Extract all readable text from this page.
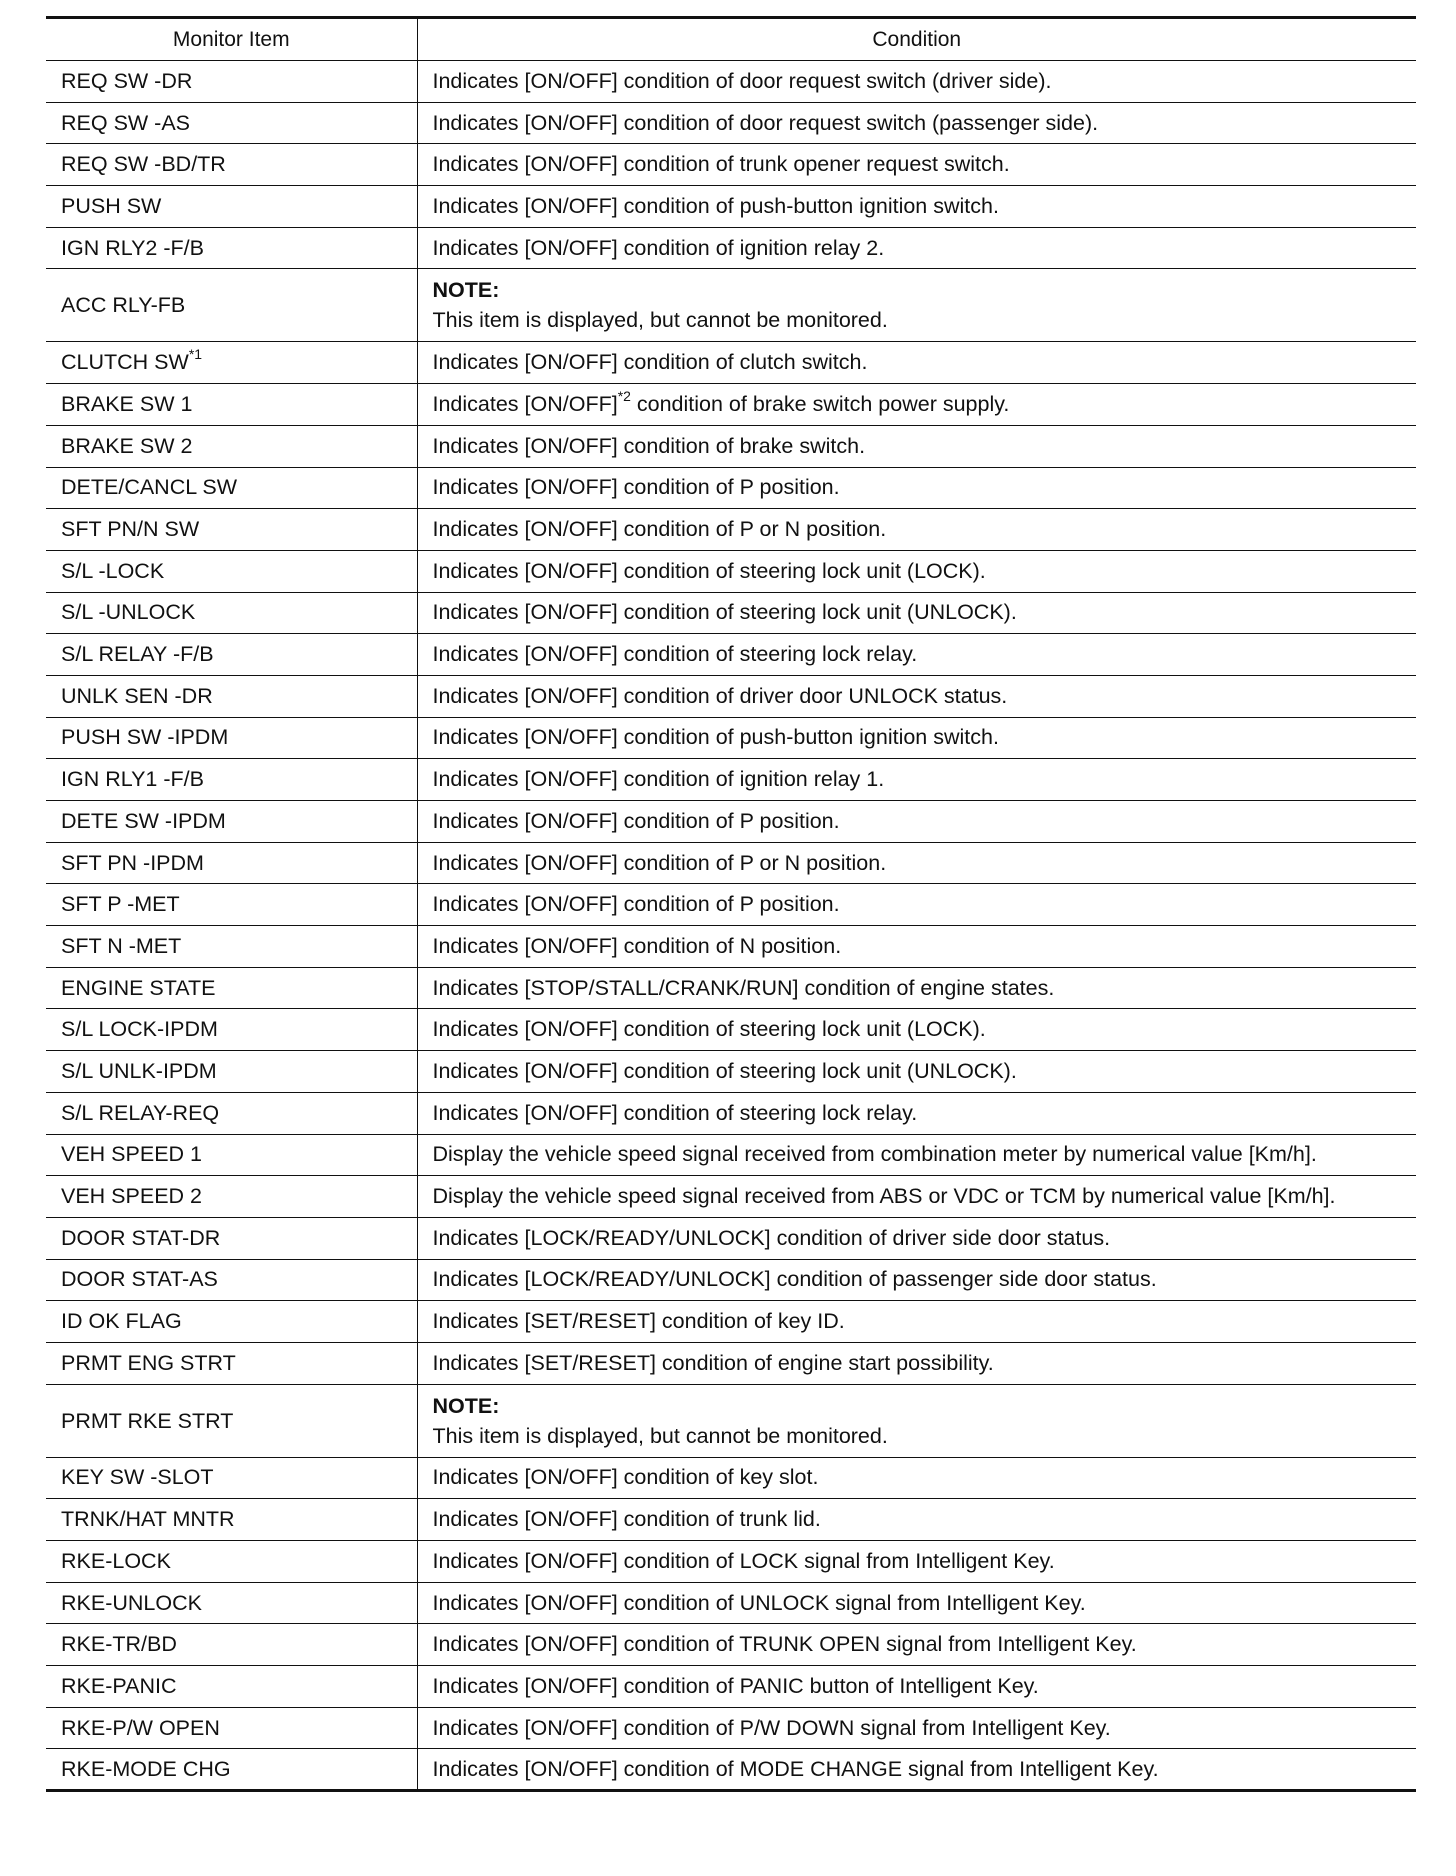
Monitor Item	Condition
REQ SW -DR	Indicates [ON/OFF] condition of door request switch (driver side).
REQ SW -AS	Indicates [ON/OFF] condition of door request switch (passenger side).
REQ SW -BD/TR	Indicates [ON/OFF] condition of trunk opener request switch.
PUSH SW	Indicates [ON/OFF] condition of push-button ignition switch.
IGN RLY2 -F/B	Indicates [ON/OFF] condition of ignition relay 2.
ACC RLY-FB	NOTE:
This item is displayed, but cannot be monitored.

CLUTCH SW$^{*1}$	Indicates [ON/OFF] condition of clutch switch.
BRAKE SW 1	Indicates $[ON/OFF]^{*2}$ condition of brake switch power supply.
BRAKE SW 2	Indicates [ON/OFF] condition of brake switch.
DETE/CANCL SW	Indicates [ON/OFF] condition of P position.
SFT PN/N SW	Indicates [ON/OFF] condition of P or N position.
S/L -LOCK	Indicates [ON/OFF] condition of steering lock unit (LOCK).
S/L -UNLOCK	Indicates [ON/OFF] condition of steering lock unit (UNLOCK).
S/L RELAY -F/B	Indicates [ON/OFF] condition of steering lock relay.
UNLK SEN -DR	Indicates [ON/OFF] condition of driver door UNLOCK status.
PUSH SW -IPDM	Indicates [ON/OFF] condition of push-button ignition switch.
IGN RLY1 -F/B	Indicates [ON/OFF] condition of ignition relay 1.
DETE SW -IPDM	Indicates [ON/OFF] condition of P position.
SFT PN -IPDM	Indicates [ON/OFF] condition of P or N position.
SFT P -MET	Indicates [ON/OFF] condition of P position.
SFT N -MET	Indicates [ON/OFF] condition of N position.
ENGINE STATE	Indicates [STOP/STALL/CRANK/RUN] condition of engine states.
S/L LOCK-IPDM	Indicates [ON/OFF] condition of steering lock unit (LOCK).
S/L UNLK-IPDM	Indicates [ON/OFF] condition of steering lock unit (UNLOCK).
S/L RELAY-REQ	Indicates [ON/OFF] condition of steering lock relay.
VEH SPEED 1	Display the vehicle speed signal received from combination meter by numerical value [Km/h].
VEH SPEED 2	Display the vehicle speed signal received from ABS or VDC or TCM by numerical value [Km/h].
DOOR STAT-DR	Indicates [LOCK/READY/UNLOCK] condition of driver side door status.
DOOR STAT-AS	Indicates [LOCK/READY/UNLOCK] condition of passenger side door status.
ID OK FLAG	Indicates [SET/RESET] condition of key ID.
PRMT ENG STRT	Indicates [SET/RESET] condition of engine start possibility.
PRMT RKE STRT	NOTE:
This item is displayed, but cannot be monitored.

KEY SW -SLOT	Indicates [ON/OFF] condition of key slot.
TRNK/HAT MNTR	Indicates [ON/OFF] condition of trunk lid.
RKE-LOCK	Indicates [ON/OFF] condition of LOCK signal from Intelligent Key.
RKE-UNLOCK	Indicates [ON/OFF] condition of UNLOCK signal from Intelligent Key.
RKE-TR/BD	Indicates [ON/OFF] condition of TRUNK OPEN signal from Intelligent Key.
RKE-PANIC	Indicates [ON/OFF] condition of PANIC button of Intelligent Key.
RKE-P/W OPEN	Indicates [ON/OFF] condition of P/W DOWN signal from Intelligent Key.
RKE-MODE CHG	Indicates [ON/OFF] condition of MODE CHANGE signal from Intelligent Key.
